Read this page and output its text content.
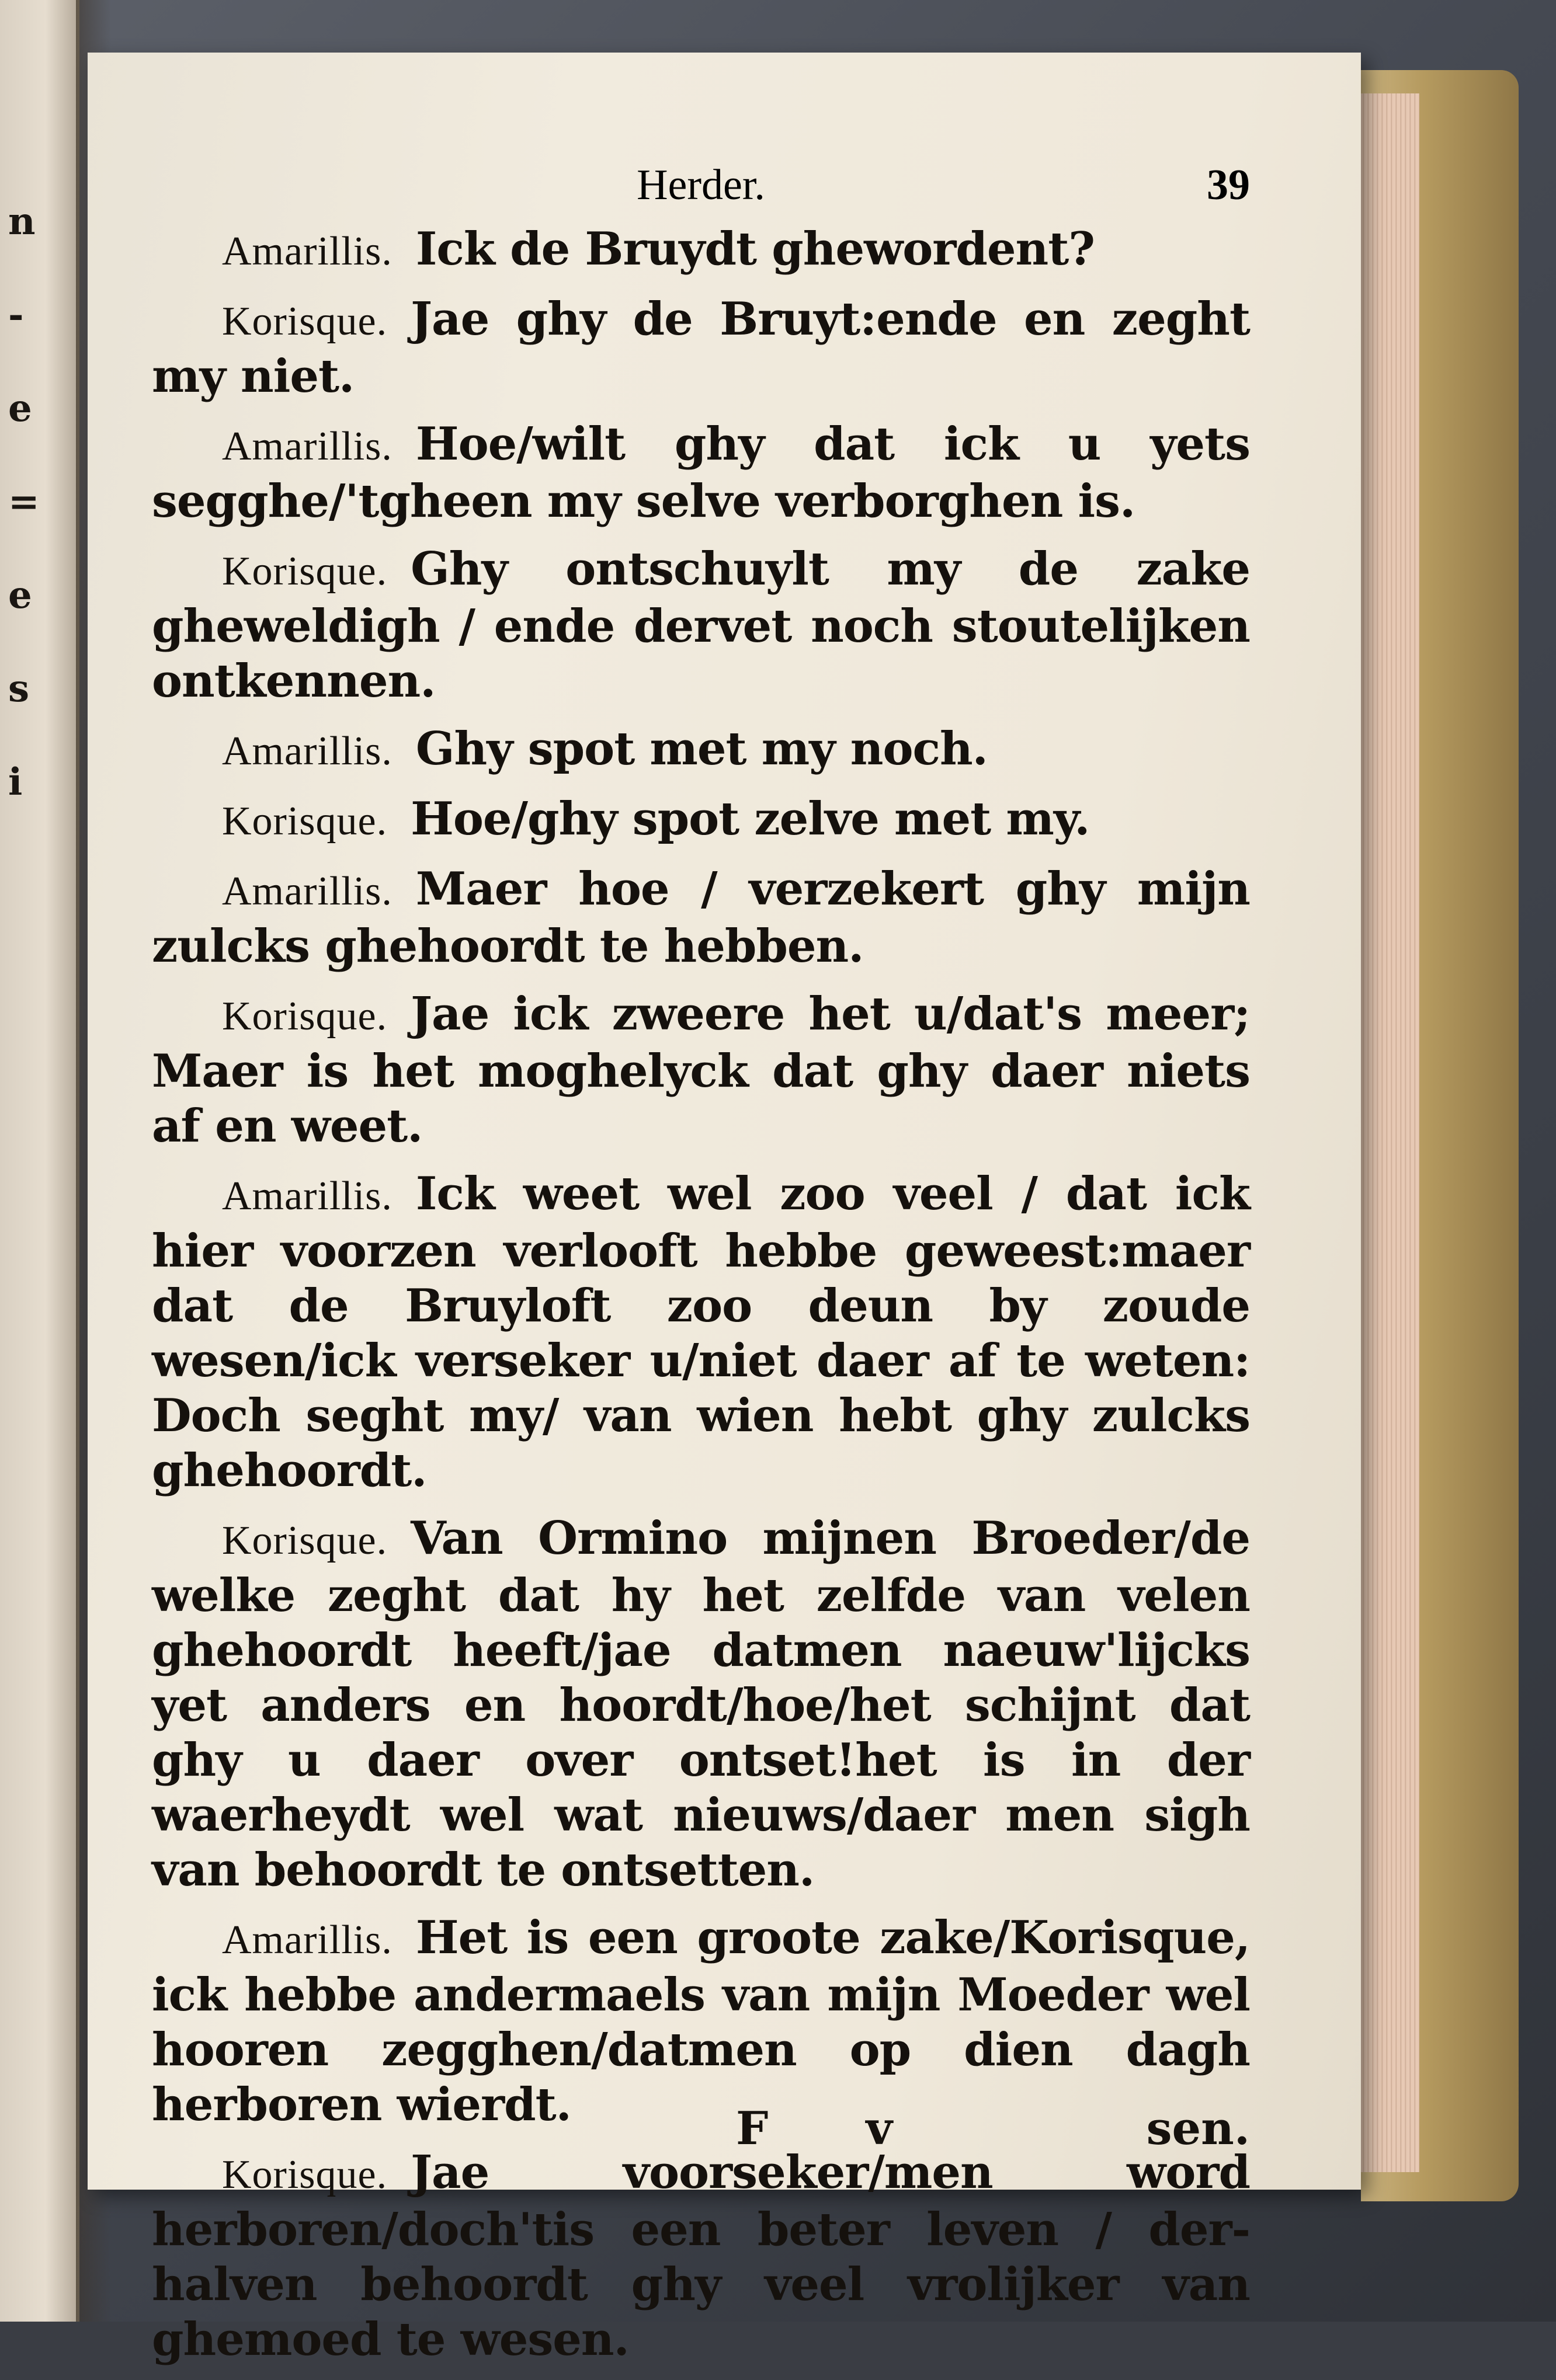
n
-
e
=
e
s
i
Herder.	39

Amarillis. Ick de Bruydt ghewordent?

Korisque. Jae ghy de Bruyt:ende en zeght my niet.

Amarillis. Hoe/wilt ghy dat ick u yets segghe/'tgheen my selve verborghen is.

Korisque. Ghy ontschuylt my de zake gheweldigh / ende dervet noch stoutelijken ontkennen.

Amarillis. Ghy spot met my noch.

Korisque. Hoe/ghy spot zelve met my.

Amarillis. Maer hoe / verzekert ghy mijn zulcks ghehoordt te hebben.

Korisque. Jae ick zweere het u/dat's meer; Maer is het moghelyck dat ghy daer niets af en weet.

Amarillis. Ick weet wel zoo veel / dat ick hier voorzen verlooft hebbe geweest:maer dat de Bruyloft zoo deun by zoude wesen/ick verseker u/niet daer af te weten: Doch seght my/ van wien hebt ghy zulcks ghehoordt.

Korisque. Van Ormino mijnen Broeder/de welke zeght dat hy het zelfde van velen ghehoordt heeft/jae datmen naeuw'lijcks yet anders en hoordt/hoe/het schijnt dat ghy u daer over ontset!het is in der waerheydt wel wat nieuws/daer men sigh van behoordt te ontsetten.

Amarillis. Het is een groote zake/Korisque, ick hebbe andermaels van mijn Moeder wel hooren zegghen/datmen op dien dagh herboren wierdt.

Korisque. Jae voorseker/men word herboren/doch'tis een beter leven / der-halven behoordt ghy veel vrolijker van ghemoed te wesen.

F v	sen.
